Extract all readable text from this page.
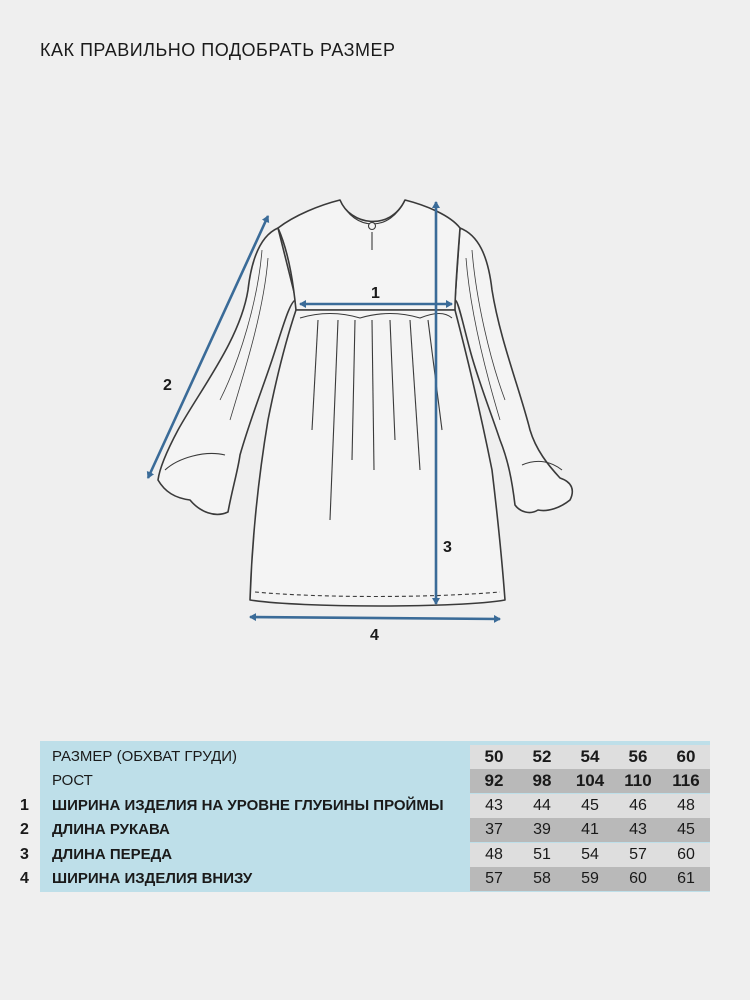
КАК ПРАВИЛЬНО ПОДОБРАТЬ РАЗМЕР
1
2
3
4
РАЗМЕР (ОБХВАТ ГРУДИ)	50	52	54	56	60
РОСТ	92	98	104	110	116
1 ШИРИНА ИЗДЕЛИЯ НА УРОВНЕ ГЛУБИНЫ ПРОЙМЫ	43	44	45	46	48
2 ДЛИНА РУКАВА	37	39	41	43	45
3 ДЛИНА ПЕРЕДА	48	51	54	57	60
4 ШИРИНА ИЗДЕЛИЯ ВНИЗУ	57	58	59	60	61
